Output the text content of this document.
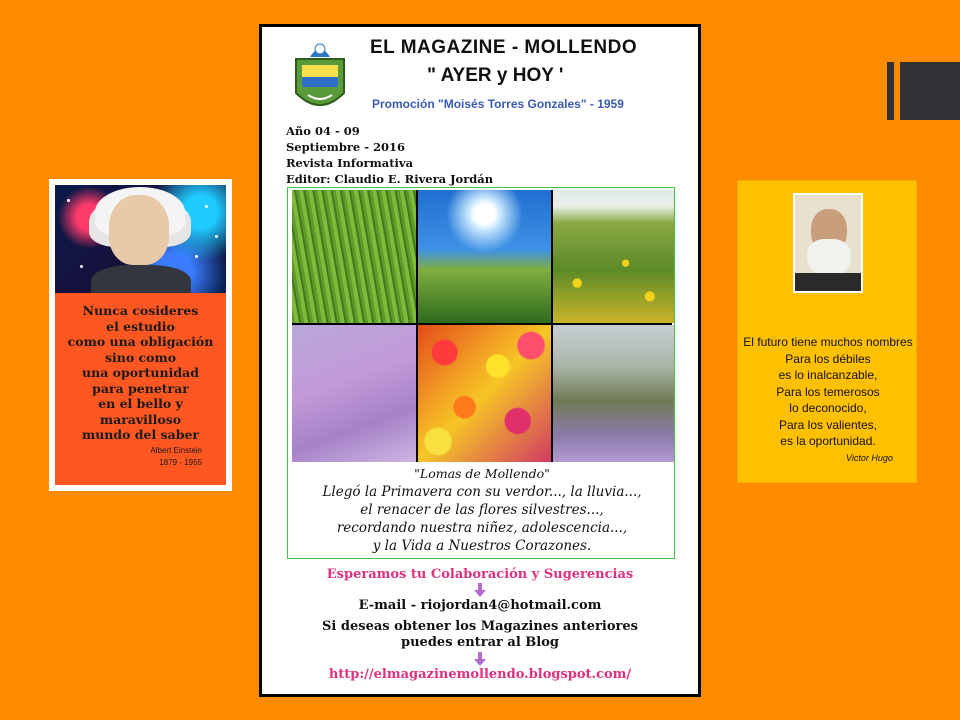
Nunca cosideres
el estudio
como una obligación
sino como
una oportunidad
para penetrar
en el bello y maravilloso
mundo del saber
Albert Einstein
1879 - 1955
EL MAGAZINE - MOLLENDO
" AYER y HOY '
Promoción "Moisés Torres Gonzales" - 1959
Año 04 - 09
Septiembre - 2016
Revista Informativa
Editor: Claudio E. Rivera Jordán
"Lomas de Mollendo"
Llegó la Primavera con su verdor..., la lluvia...,
el renacer de las flores silvestres...,
recordando nuestra niñez, adolescencia...,
y la Vida a Nuestros Corazones.
Esperamos tu Colaboración y Sugerencias
E-mail - riojordan4@hotmail.com
Si deseas obtener los Magazines anteriores
puedes entrar al Blog
http://elmagazinemollendo.blogspot.com/
El futuro tiene muchos nombres
Para los débiles
es lo inalcanzable,
Para los temerosos
lo deconocido,
Para los valientes,
es la oportunidad.
Victor Hugo
